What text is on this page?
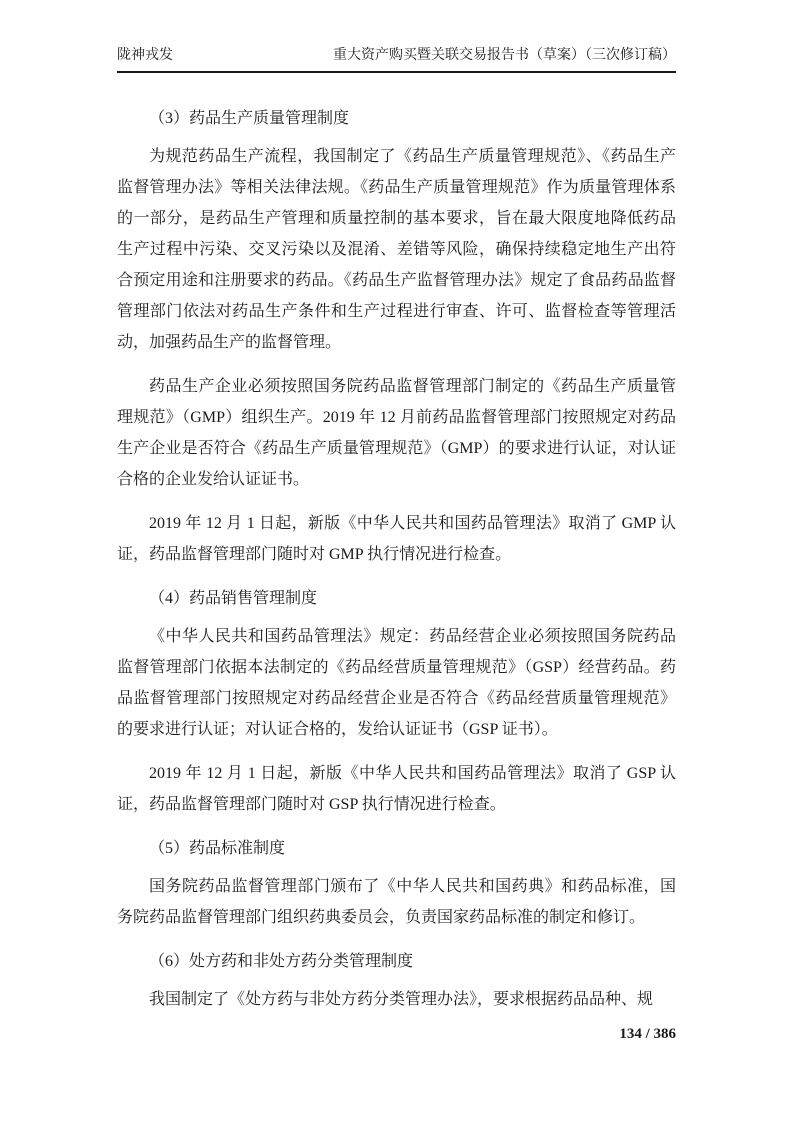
陇神戎发	重大资产购买暨关联交易报告书（草案）（三次修订稿）

（3）药品生产质量管理制度

为规范药品生产流程，我国制定了《药品生产质量管理规范》、《药品生产监督管理办法》等相关法律法规。《药品生产质量管理规范》作为质量管理体系的一部分，是药品生产管理和质量控制的基本要求，旨在最大限度地降低药品生产过程中污染、交叉污染以及混淆、差错等风险，确保持续稳定地生产出符合预定用途和注册要求的药品。《药品生产监督管理办法》规定了食品药品监督管理部门依法对药品生产条件和生产过程进行审查、许可、监督检查等管理活动，加强药品生产的监督管理。

药品生产企业必须按照国务院药品监督管理部门制定的《药品生产质量管理规范》（GMP）组织生产。2019 年 12 月前药品监督管理部门按照规定对药品生产企业是否符合《药品生产质量管理规范》（GMP）的要求进行认证，对认证合格的企业发给认证证书。

2019 年 12 月 1 日起，新版《中华人民共和国药品管理法》取消了 GMP 认证，药品监督管理部门随时对 GMP 执行情况进行检查。

（4）药品销售管理制度

《中华人民共和国药品管理法》规定：药品经营企业必须按照国务院药品监督管理部门依据本法制定的《药品经营质量管理规范》（GSP）经营药品。药品监督管理部门按照规定对药品经营企业是否符合《药品经营质量管理规范》的要求进行认证；对认证合格的，发给认证证书（GSP 证书）。

2019 年 12 月 1 日起，新版《中华人民共和国药品管理法》取消了 GSP 认证，药品监督管理部门随时对 GSP 执行情况进行检查。

（5）药品标准制度

国务院药品监督管理部门颁布了《中华人民共和国药典》和药品标准，国务院药品监督管理部门组织药典委员会，负责国家药品标准的制定和修订。

（6）处方药和非处方药分类管理制度

我国制定了《处方药与非处方药分类管理办法》，要求根据药品品种、规

134 / 386
